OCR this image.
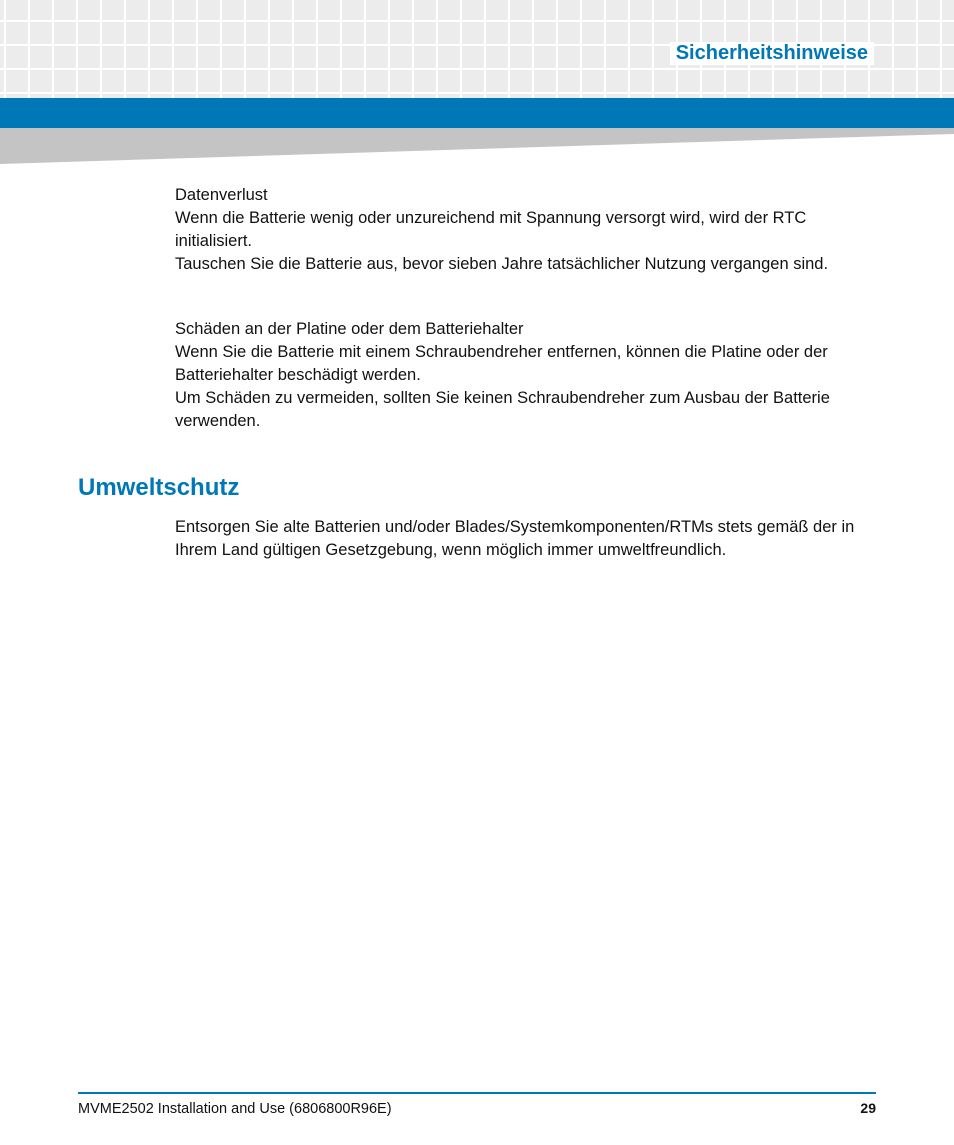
Sicherheitshinweise

Datenverlust

Wenn die Batterie wenig oder unzureichend mit Spannung versorgt wird, wird der RTC initialisiert.

Tauschen Sie die Batterie aus, bevor sieben Jahre tatsächlicher Nutzung vergangen sind.

Schäden an der Platine oder dem Batteriehalter

Wenn Sie die Batterie mit einem Schraubendreher entfernen, können die Platine oder der Batteriehalter beschädigt werden.

Um Schäden zu vermeiden, sollten Sie keinen Schraubendreher zum Ausbau der Batterie verwenden.

Umweltschutz

Entsorgen Sie alte Batterien und/oder Blades/Systemkomponenten/RTMs stets gemäß der in Ihrem Land gültigen Gesetzgebung, wenn möglich immer umweltfreundlich.

MVME2502 Installation and Use (6806800R96E)	29
